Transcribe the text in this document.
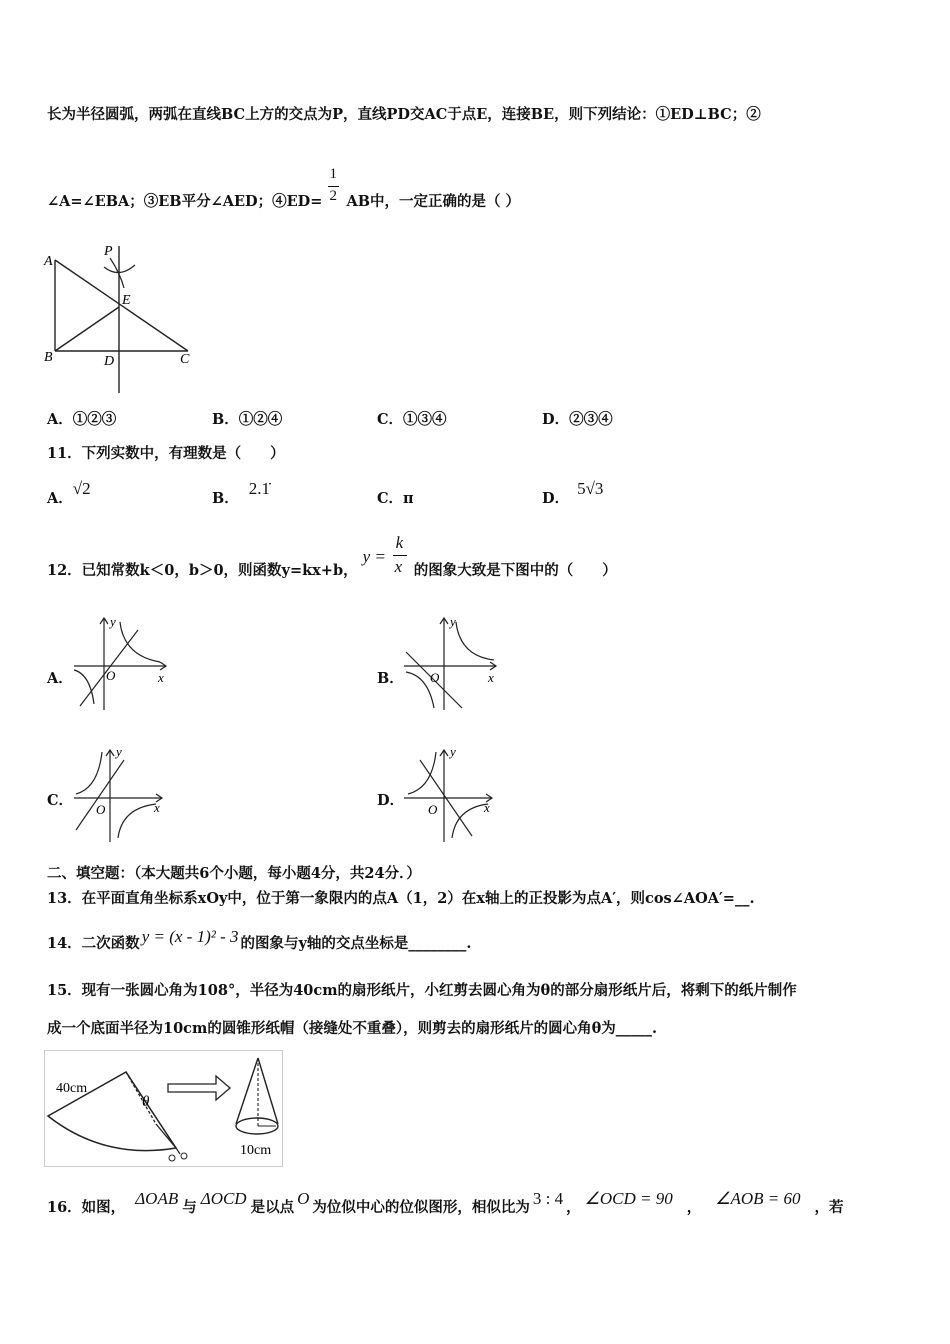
长为半径圆弧，两弧在直线BC上方的交点为P，直线PD交AC于点E，连接BE，则下列结论：①ED⊥BC；②
∠A=∠EBA；③EB平分∠AED；④ED= $\frac{1}{2}$ AB中，一定正确的是（ ）
A
P
E
B	D	C
A．①②③	B．①②④	C．①③④	D．②③④
11．下列实数中，有理数是（　　）
A．√2
B．2.1̇
C．π	D．5√3
12．已知常数k＜0，b＞0，则函数y=kx+b，
y =
k
x 的图象大致是下图中的（　　）
A．	B．
C．	D．
y
x
O
y
x
O
y
x
O
y
x
O
二、填空题：（本大题共6个小题，每小题4分，共24分．）
13．在平面直角坐标系xOy中，位于第一象限内的点A（1，2）在x轴上的正投影为点A′，则cos∠AOA′=__.
14．二次函数 y = (x - 1)² - 3 的图象与y轴的交点坐标是________.
15．现有一张圆心角为108°，半径为40cm的扇形纸片，小红剪去圆心角为θ的部分扇形纸片后，将剩下的纸片制作
成一个底面半径为10cm的圆锥形纸帽（接缝处不重叠），则剪去的扇形纸片的圆心角θ为_____.
40cm
θ
10cm
16．如图， ΔOAB 与 ΔOCD 是以点 O 为位似中心的位似图形，相似比为 3 : 4 ， ∠OCD = 90 ， ∠AOB = 60 ，若
